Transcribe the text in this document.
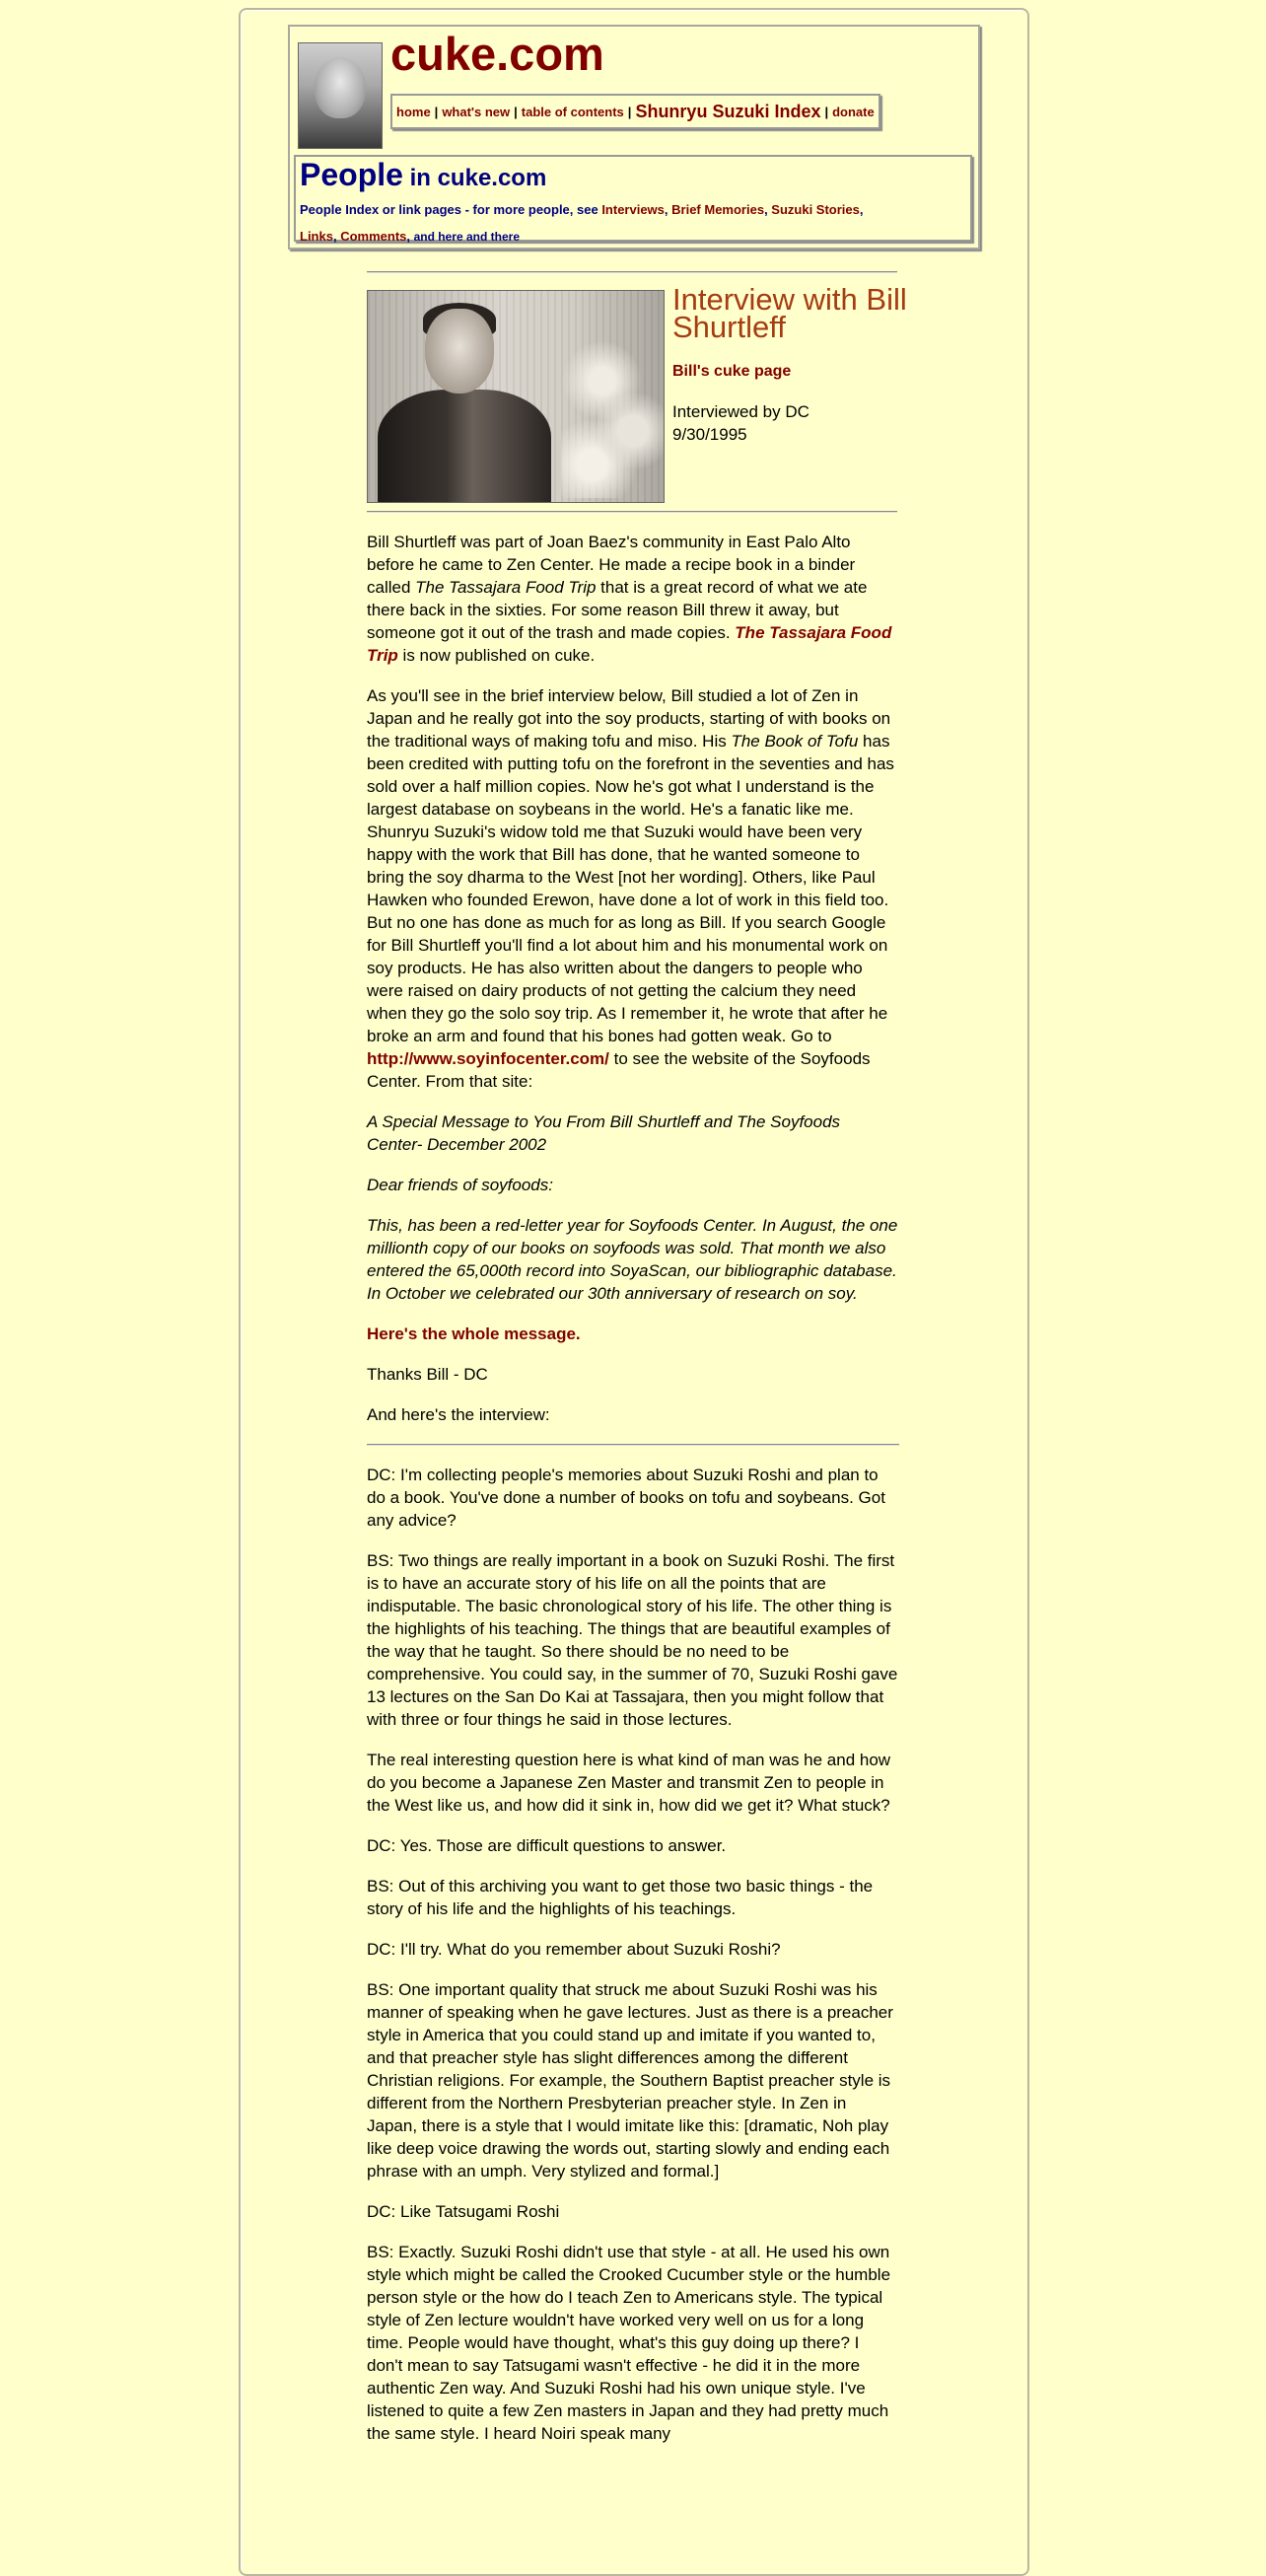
cuke.com
home | what's new | table of contents | Shunryu Suzuki Index | donate
People in cuke.com
People Index or link pages - for more people, see Interviews, Brief Memories, Suzuki Stories,
Links, Comments, and here and there
Interview with Bill Shurtleff
Bill's cuke page
Interviewed by DC
9/30/1995

Bill Shurtleff was part of Joan Baez's community in East Palo Alto before he came to Zen Center. He made a recipe book in a binder called The Tassajara Food Trip that is a great record of what we ate there back in the sixties. For some reason Bill threw it away, but someone got it out of the trash and made copies. The Tassajara Food Trip is now published on cuke.

As you'll see in the brief interview below, Bill studied a lot of Zen in Japan and he really got into the soy products, starting of with books on the traditional ways of making tofu and miso. His The Book of Tofu has been credited with putting tofu on the forefront in the seventies and has sold over a half million copies. Now he's got what I understand is the largest database on soybeans in the world. He's a fanatic like me. Shunryu Suzuki's widow told me that Suzuki would have been very happy with the work that Bill has done, that he wanted someone to bring the soy dharma to the West [not her wording]. Others, like Paul Hawken who founded Erewon, have done a lot of work in this field too. But no one has done as much for as long as Bill. If you search Google for Bill Shurtleff you'll find a lot about him and his monumental work on soy products. He has also written about the dangers to people who were raised on dairy products of not getting the calcium they need when they go the solo soy trip. As I remember it, he wrote that after he broke an arm and found that his bones had gotten weak. Go to http://www.soyinfocenter.com/ to see the website of the Soyfoods Center. From that site:

A Special Message to You From Bill Shurtleff and The Soyfoods Center- December 2002

Dear friends of soyfoods:

This, has been a red-letter year for Soyfoods Center. In August, the one millionth copy of our books on soyfoods was sold. That month we also entered the 65,000th record into SoyaScan, our bibliographic database. In October we celebrated our 30th anniversary of research on soy.

Here's the whole message.

Thanks Bill - DC

And here's the interview:

DC: I'm collecting people's memories about Suzuki Roshi and plan to do a book. You've done a number of books on tofu and soybeans. Got any advice?

BS: Two things are really important in a book on Suzuki Roshi. The first is to have an accurate story of his life on all the points that are indisputable. The basic chronological story of his life. The other thing is the highlights of his teaching. The things that are beautiful examples of the way that he taught. So there should be no need to be comprehensive. You could say, in the summer of 70, Suzuki Roshi gave 13 lectures on the San Do Kai at Tassajara, then you might follow that with three or four things he said in those lectures.

The real interesting question here is what kind of man was he and how do you become a Japanese Zen Master and transmit Zen to people in the West like us, and how did it sink in, how did we get it? What stuck?

DC: Yes. Those are difficult questions to answer.

BS: Out of this archiving you want to get those two basic things - the story of his life and the highlights of his teachings.

DC: I'll try. What do you remember about Suzuki Roshi?

BS: One important quality that struck me about Suzuki Roshi was his manner of speaking when he gave lectures. Just as there is a preacher style in America that you could stand up and imitate if you wanted to, and that preacher style has slight differences among the different Christian religions. For example, the Southern Baptist preacher style is different from the Northern Presbyterian preacher style. In Zen in Japan, there is a style that I would imitate like this: [dramatic, Noh play like deep voice drawing the words out, starting slowly and ending each phrase with an umph. Very stylized and formal.]

DC: Like Tatsugami Roshi

BS: Exactly. Suzuki Roshi didn't use that style - at all. He used his own style which might be called the Crooked Cucumber style or the humble person style or the how do I teach Zen to Americans style. The typical style of Zen lecture wouldn't have worked very well on us for a long time. People would have thought, what's this guy doing up there? I don't mean to say Tatsugami wasn't effective - he did it in the more authentic Zen way. And Suzuki Roshi had his own unique style. I've listened to quite a few Zen masters in Japan and they had pretty much the same style. I heard Noiri speak many
